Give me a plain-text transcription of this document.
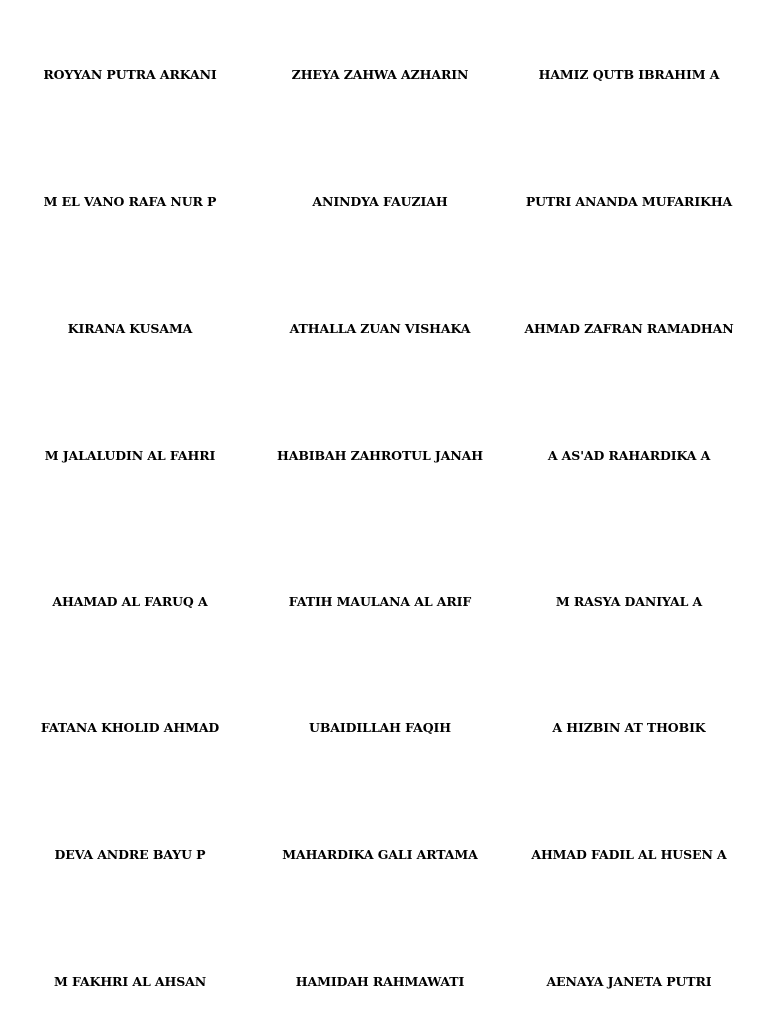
ROYYAN PUTRA ARKANI	ZHEYA ZAHWA AZHARIN	HAMIZ QUTB IBRAHIM A
M EL VANO RAFA NUR P	ANINDYA FAUZIAH	PUTRI ANANDA MUFARIKHA
KIRANA KUSAMA	ATHALLA ZUAN VISHAKA	AHMAD ZAFRAN RAMADHAN
M JALALUDIN AL FAHRI	HABIBAH ZAHROTUL JANAH	A AS'AD RAHARDIKA A
AHAMAD AL FARUQ A	FATIH MAULANA AL ARIF	M RASYA DANIYAL A
FATANA KHOLID AHMAD	UBAIDILLAH FAQIH	A HIZBIN AT THOBIK
DEVA ANDRE BAYU P	MAHARDIKA GALI ARTAMA	AHMAD FADIL AL HUSEN A
M FAKHRI AL AHSAN	HAMIDAH RAHMAWATI	AENAYA JANETA PUTRI
